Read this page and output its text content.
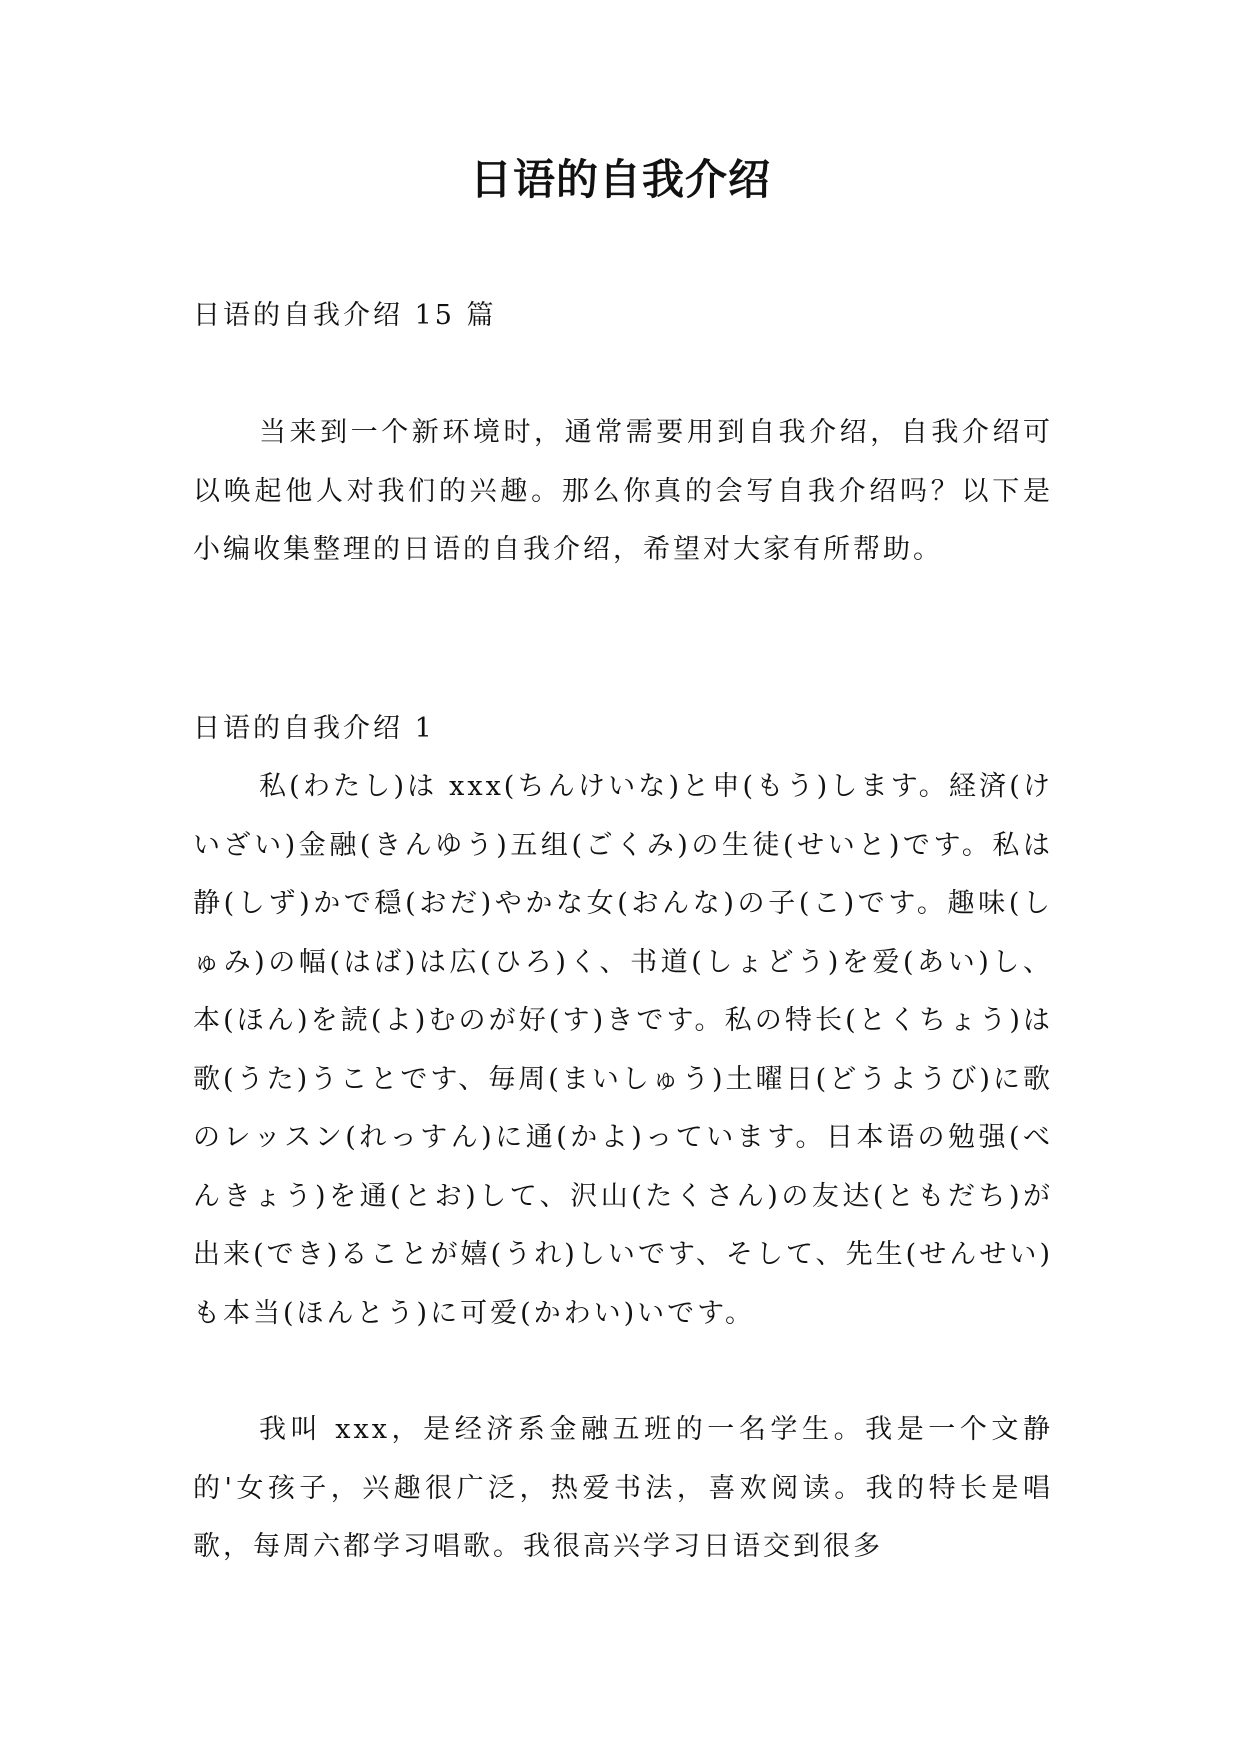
日语的自我介绍

日语的自我介绍 15 篇

当来到一个新环境时，通常需要用到自我介绍，自我介绍可以唤起他人对我们的兴趣。那么你真的会写自我介绍吗？以下是小编收集整理的日语的自我介绍，希望对大家有所帮助。

日语的自我介绍 1

私(わたし)は xxx(ちんけいな)と申(もう)します。経済(けいざい)金融(きんゆう)五组(ごくみ)の生徒(せいと)です。私は静(しず)かで穏(おだ)やかな女(おんな)の子(こ)です。趣味(しゅみ)の幅(はば)は広(ひろ)く、书道(しょどう)を爱(あい)し、本(ほん)を読(よ)むのが好(す)きです。私の特长(とくちょう)は歌(うた)うことです、毎周(まいしゅう)土曜日(どうようび)に歌のレッスン(れっすん)に通(かよ)っています。日本语の勉强(べんきょう)を通(とお)して、沢山(たくさん)の友达(ともだち)が出来(でき)ることが嬉(うれ)しいです、そして、先生(せんせい)も本当(ほんとう)に可爱(かわい)いです。

我叫 xxx，是经济系金融五班的一名学生。我是一个文静的'女孩子，兴趣很广泛，热爱书法，喜欢阅读。我的特长是唱歌，每周六都学习唱歌。我很高兴学习日语交到很多
